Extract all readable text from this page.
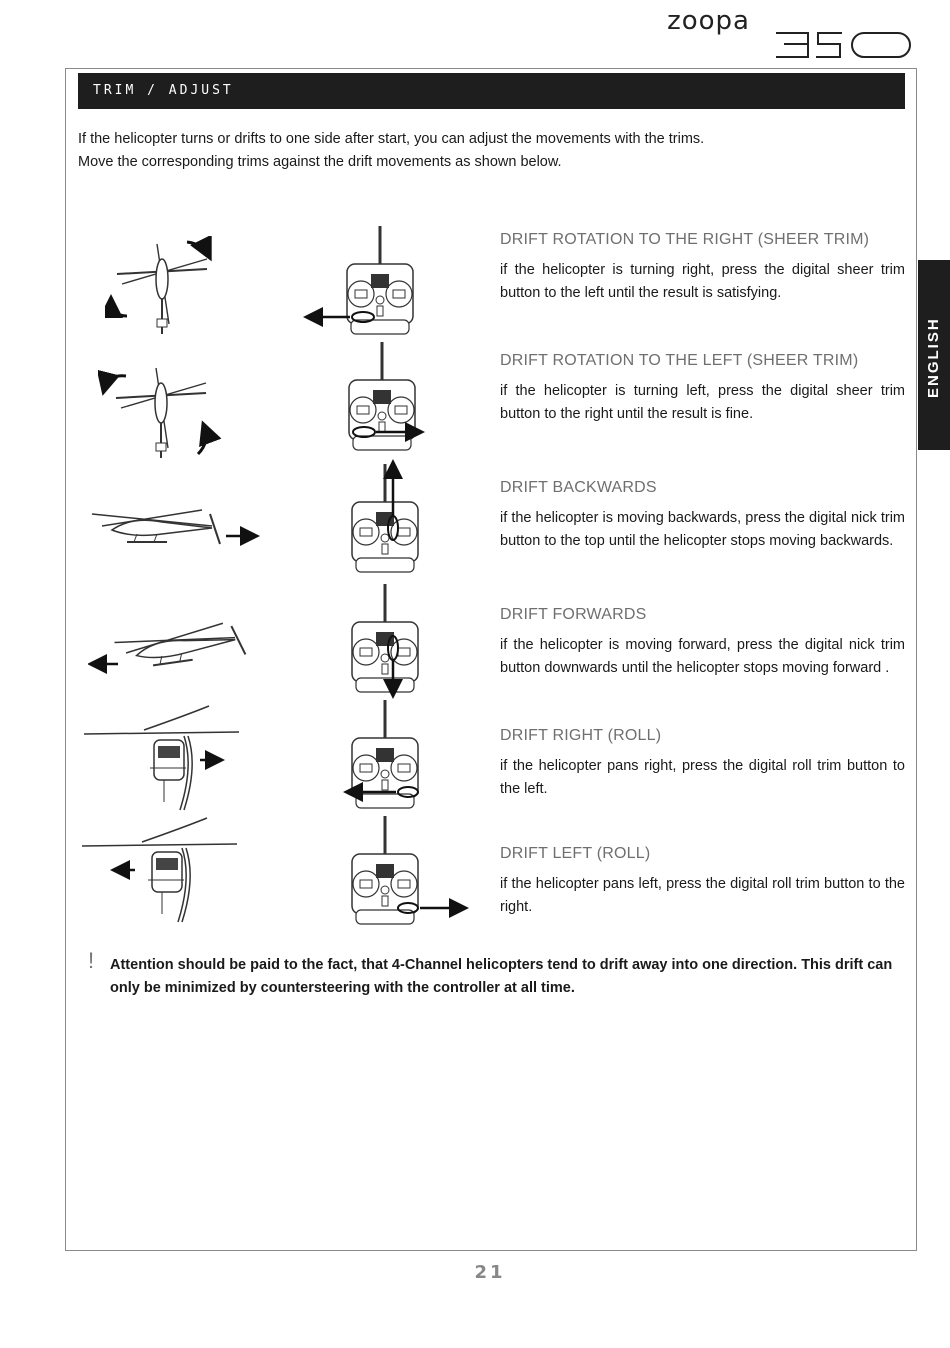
zoopa
TRIM / ADJUST
ENGLISH

If the helicopter turns or drifts to one side after start, you can adjust the movements with the trims.

Move the corresponding trims against the drift movements as shown below.

DRIFT ROTATION TO THE RIGHT (SHEER TRIM)
if the helicopter is turning right, press the digital sheer trim button to the left until the result is satisfying.
DRIFT ROTATION TO THE LEFT (SHEER TRIM)
if the helicopter is turning left, press the digital sheer trim button to the right until the result is fine.
DRIFT BACKWARDS
if the helicopter is moving backwards, press the digital nick trim button to the top until the helicopter stops moving backwards.
DRIFT FORWARDS
if the helicopter is moving forward, press the digital nick trim button downwards until the helicopter stops moving forward .
DRIFT RIGHT (ROLL)
if the helicopter pans right, press the digital roll trim button to the left.
DRIFT LEFT (ROLL)
if the helicopter pans left, press the digital roll trim button to the right.
! Attention should be paid to the fact, that 4-Channel helicopters tend to drift away into one direction. This drift can only be minimized by countersteering with the controller at all time.
21
